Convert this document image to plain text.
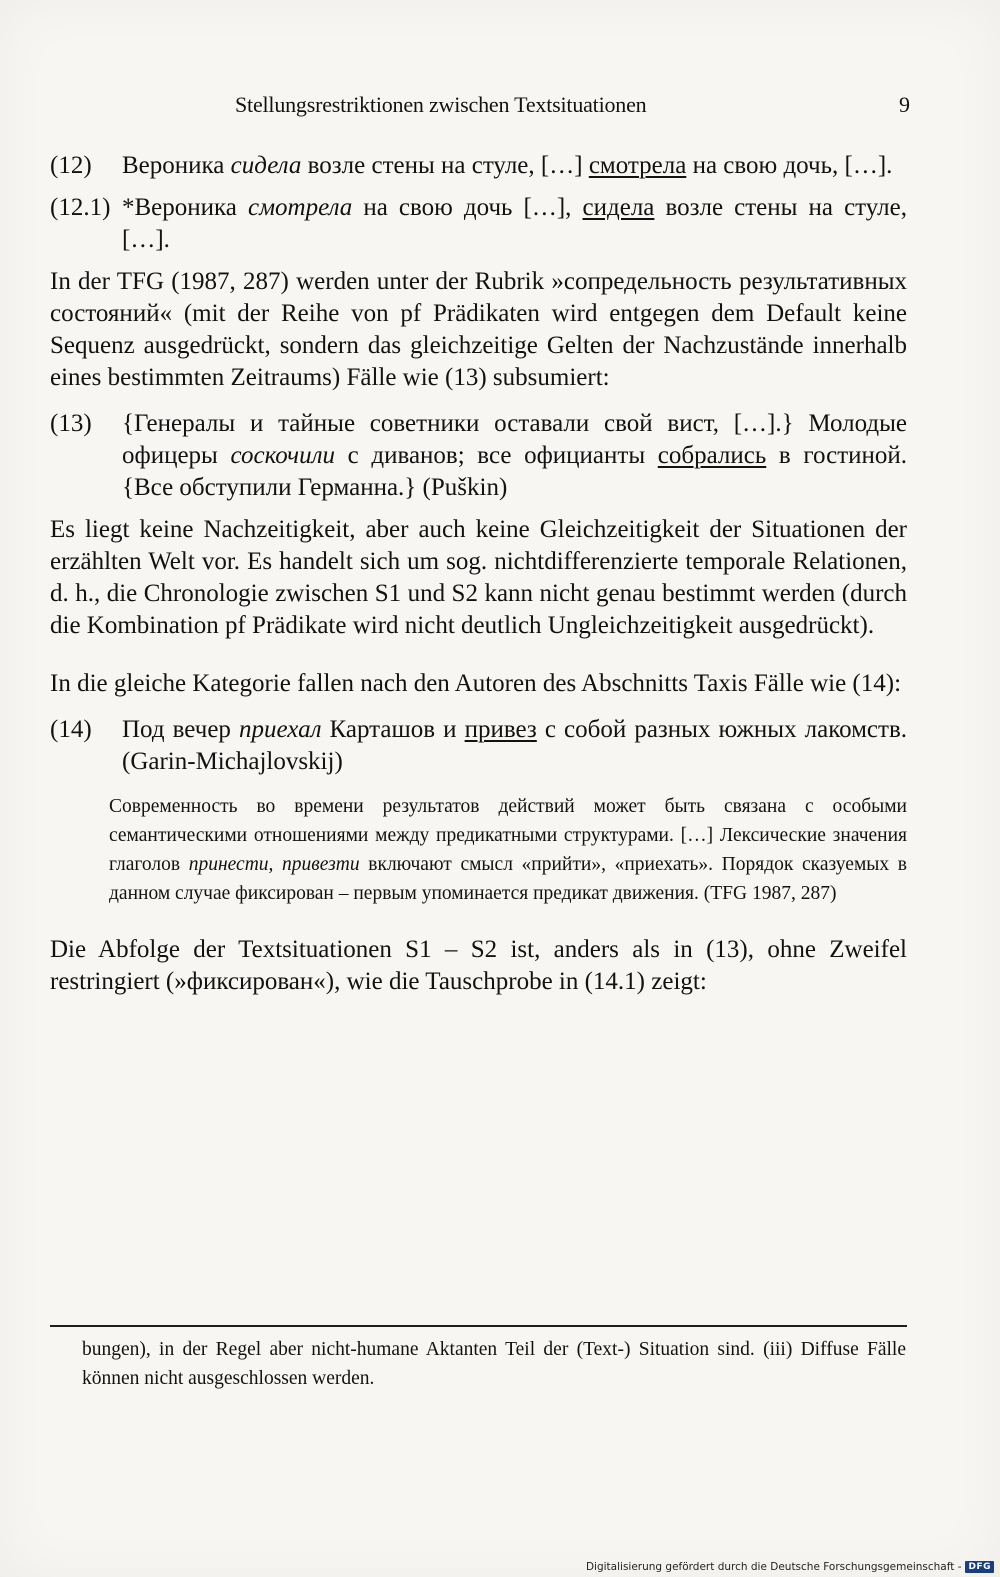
Stellungsrestriktionen zwischen Textsituationen	9
(12) Вероника сидела возле стены на стуле, […] смотрела на свою дочь, […].
(12.1) *Вероника смотрела на свою дочь […], сидела возле стены на стуле, […].

In der TFG (1987, 287) werden unter der Rubrik »сопредельность результативных состояний« (mit der Reihe von pf Prädikaten wird entgegen dem Default keine Sequenz ausgedrückt, sondern das gleichzeitige Gelten der Nachzustände innerhalb eines bestimmten Zeitraums) Fälle wie (13) subsumiert:

(13) {Генералы и тайные советники оставали свой вист, […].} Молодые офицеры соскочили с диванов; все официанты собрались в гостиной. {Все обступили Германна.} (Puškin)

Es liegt keine Nachzeitigkeit, aber auch keine Gleichzeitigkeit der Situationen der erzählten Welt vor. Es handelt sich um sog. nichtdifferenzierte temporale Relationen, d. h., die Chronologie zwischen S1 und S2 kann nicht genau bestimmt werden (durch die Kombination pf Prädikate wird nicht deutlich Ungleichzeitigkeit ausgedrückt).

In die gleiche Kategorie fallen nach den Autoren des Abschnitts Taxis Fälle wie (14):

(14) Под вечер приехал Карташов и привез с собой разных южных лакомств. (Garin-Michajlovskij)
Современность во времени результатов действий может быть связана с особыми семантическими отношениями между предикатными структурами. […] Лексические значения глаголов принести, привезти включают смысл «прийти», «приехать». Порядок сказуемых в данном случае фиксирован – первым упоминается предикат движения. (TFG 1987, 287)

Die Abfolge der Textsituationen S1 – S2 ist, anders als in (13), ohne Zweifel restringiert (»фиксирован«), wie die Tauschprobe in (14.1) zeigt:

bungen), in der Regel aber nicht-humane Aktanten Teil der (Text-) Situation sind. (iii) Diffuse Fälle können nicht ausgeschlossen werden.
Digitalisierung gefördert durch die Deutsche Forschungsgemeinschaft - DFG
